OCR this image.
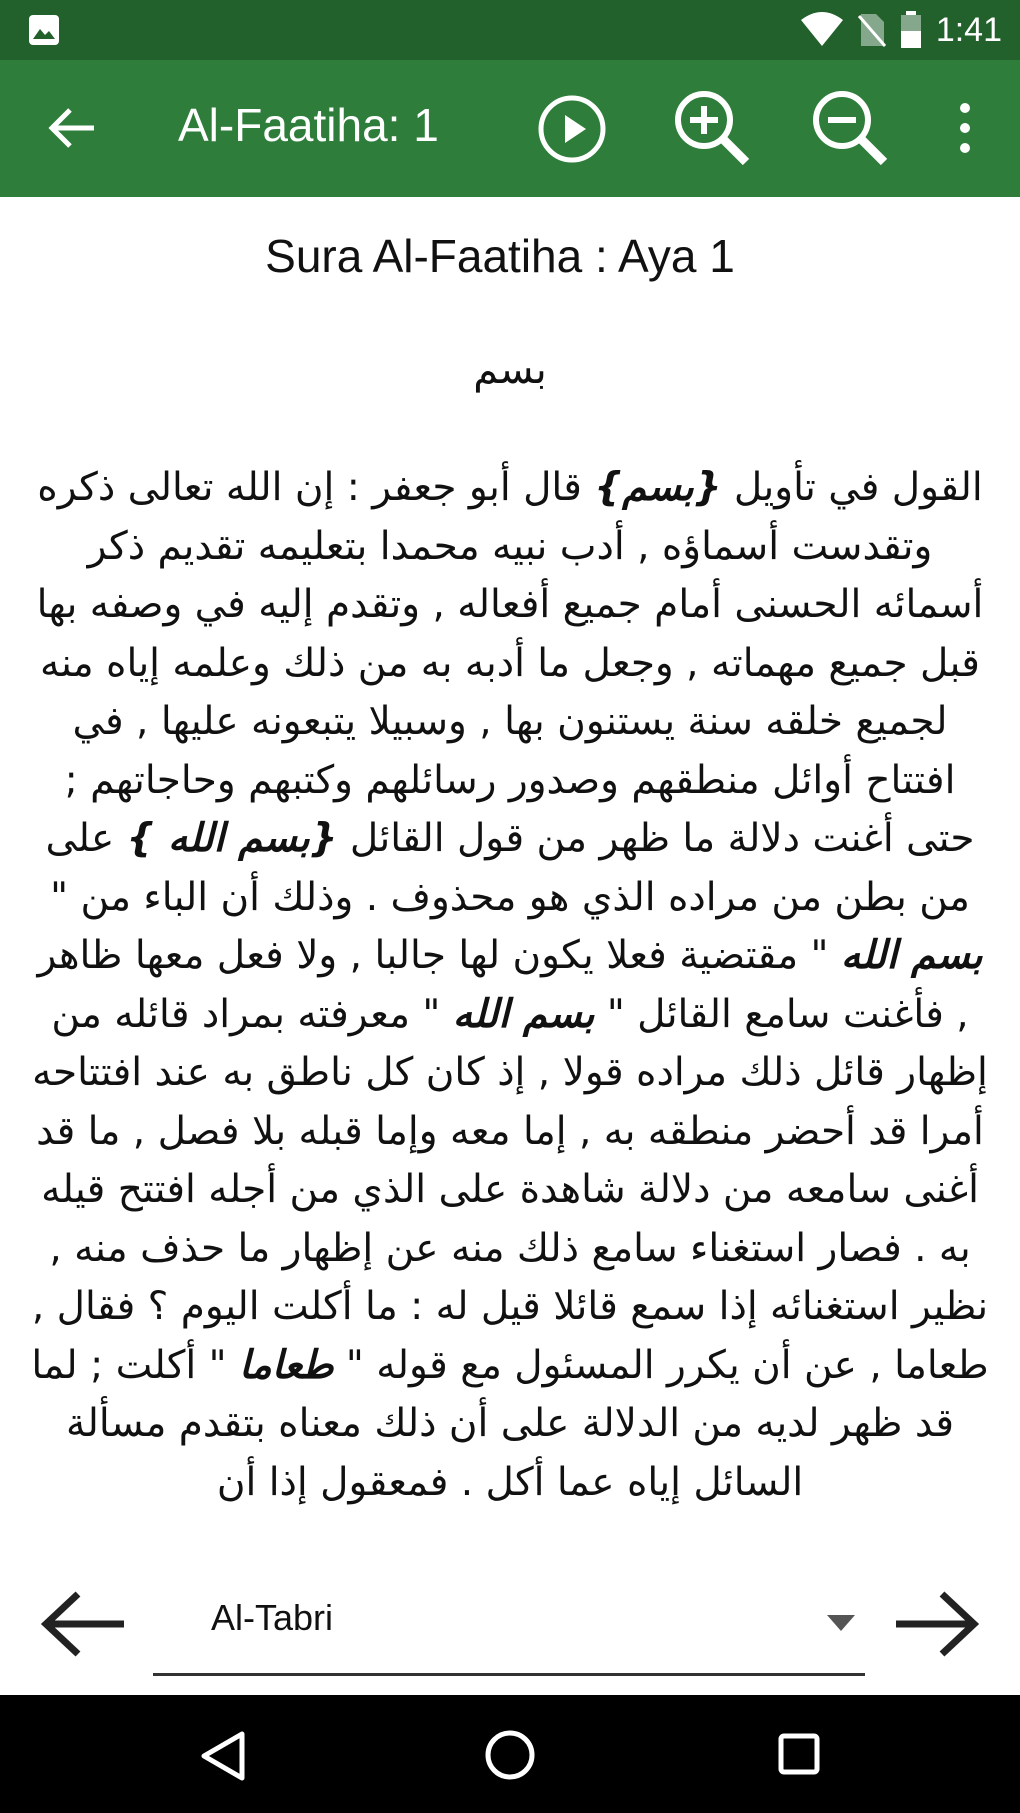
1:41
Al-Faatiha: 1
Sura Al-Faatiha : Aya 1
بسم
القول في تأويل {بسم} قال أبو جعفر : إن الله تعالى ذكره وتقدست أسماؤه , أدب نبيه محمدا بتعليمه تقديم ذكر أسمائه الحسنى أمام جميع أفعاله , وتقدم إليه في وصفه بها قبل جميع مهماته , وجعل ما أدبه به من ذلك وعلمه إياه منه لجميع خلقه سنة يستنون بها , وسبيلا يتبعونه عليها , في افتتاح أوائل منطقهم وصدور رسائلهم وكتبهم وحاجاتهم ; حتى أغنت دلالة ما ظهر من قول القائل {بسم الله } على من بطن من مراده الذي هو محذوف . وذلك أن الباء من " بسم الله " مقتضية فعلا يكون لها جالبا , ولا فعل معها ظاهر , فأغنت سامع القائل " بسم الله " معرفته بمراد قائله من إظهار قائل ذلك مراده قولا , إذ كان كل ناطق به عند افتتاحه أمرا قد أحضر منطقه به , إما معه وإما قبله بلا فصل , ما قد أغنى سامعه من دلالة شاهدة على الذي من أجله افتتح قيله به . فصار استغناء سامع ذلك منه عن إظهار ما حذف منه , نظير استغنائه إذا سمع قائلا قيل له : ما أكلت اليوم ؟ فقال , طعاما , عن أن يكرر المسئول مع قوله " طعاما " أكلت ; لما قد ظهر لديه من الدلالة على أن ذلك معناه بتقدم مسألة السائل إياه عما أكل . فمعقول إذا أن
Al-Tabri
